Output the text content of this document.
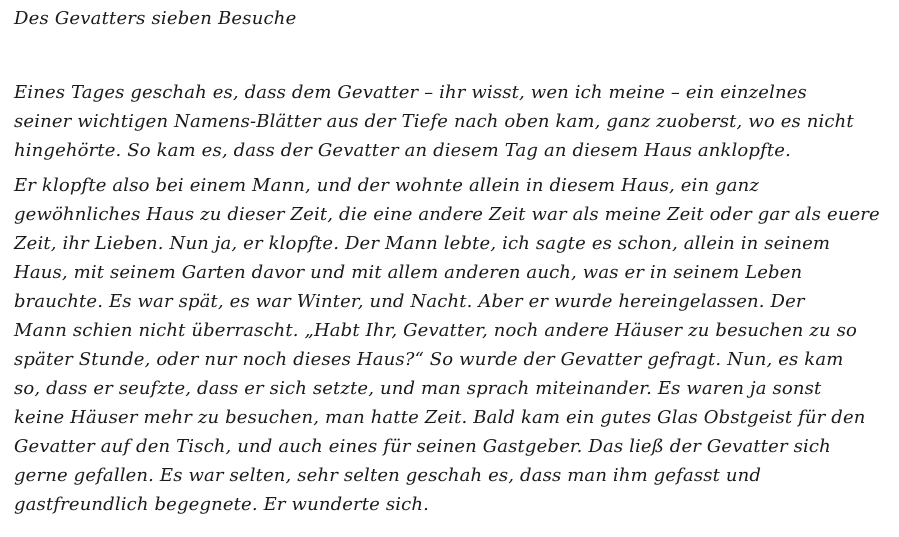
Des Gevatters sieben Besuche

Eines Tages geschah es, dass dem Gevatter – ihr wisst, wen ich meine – ein einzelnes
seiner wichtigen Namens-Blätter aus der Tiefe nach oben kam, ganz zuoberst, wo es nicht
hingehörte. So kam es, dass der Gevatter an diesem Tag an diesem Haus anklopfte.

Er klopfte also bei einem Mann, und der wohnte allein in diesem Haus, ein ganz
gewöhnliches Haus zu dieser Zeit, die eine andere Zeit war als meine Zeit oder gar als euere
Zeit, ihr Lieben. Nun ja, er klopfte. Der Mann lebte, ich sagte es schon, allein in seinem
Haus, mit seinem Garten davor und mit allem anderen auch, was er in seinem Leben
brauchte. Es war spät, es war Winter, und Nacht. Aber er wurde hereingelassen. Der
Mann schien nicht überrascht. „Habt Ihr, Gevatter, noch andere Häuser zu besuchen zu so
später Stunde, oder nur noch dieses Haus?“ So wurde der Gevatter gefragt. Nun, es kam
so, dass er seufzte, dass er sich setzte, und man sprach miteinander. Es waren ja sonst
keine Häuser mehr zu besuchen, man hatte Zeit. Bald kam ein gutes Glas Obstgeist für den
Gevatter auf den Tisch, und auch eines für seinen Gastgeber. Das ließ der Gevatter sich
gerne gefallen. Es war selten, sehr selten geschah es, dass man ihm gefasst und
gastfreundlich begegnete. Er wunderte sich.
